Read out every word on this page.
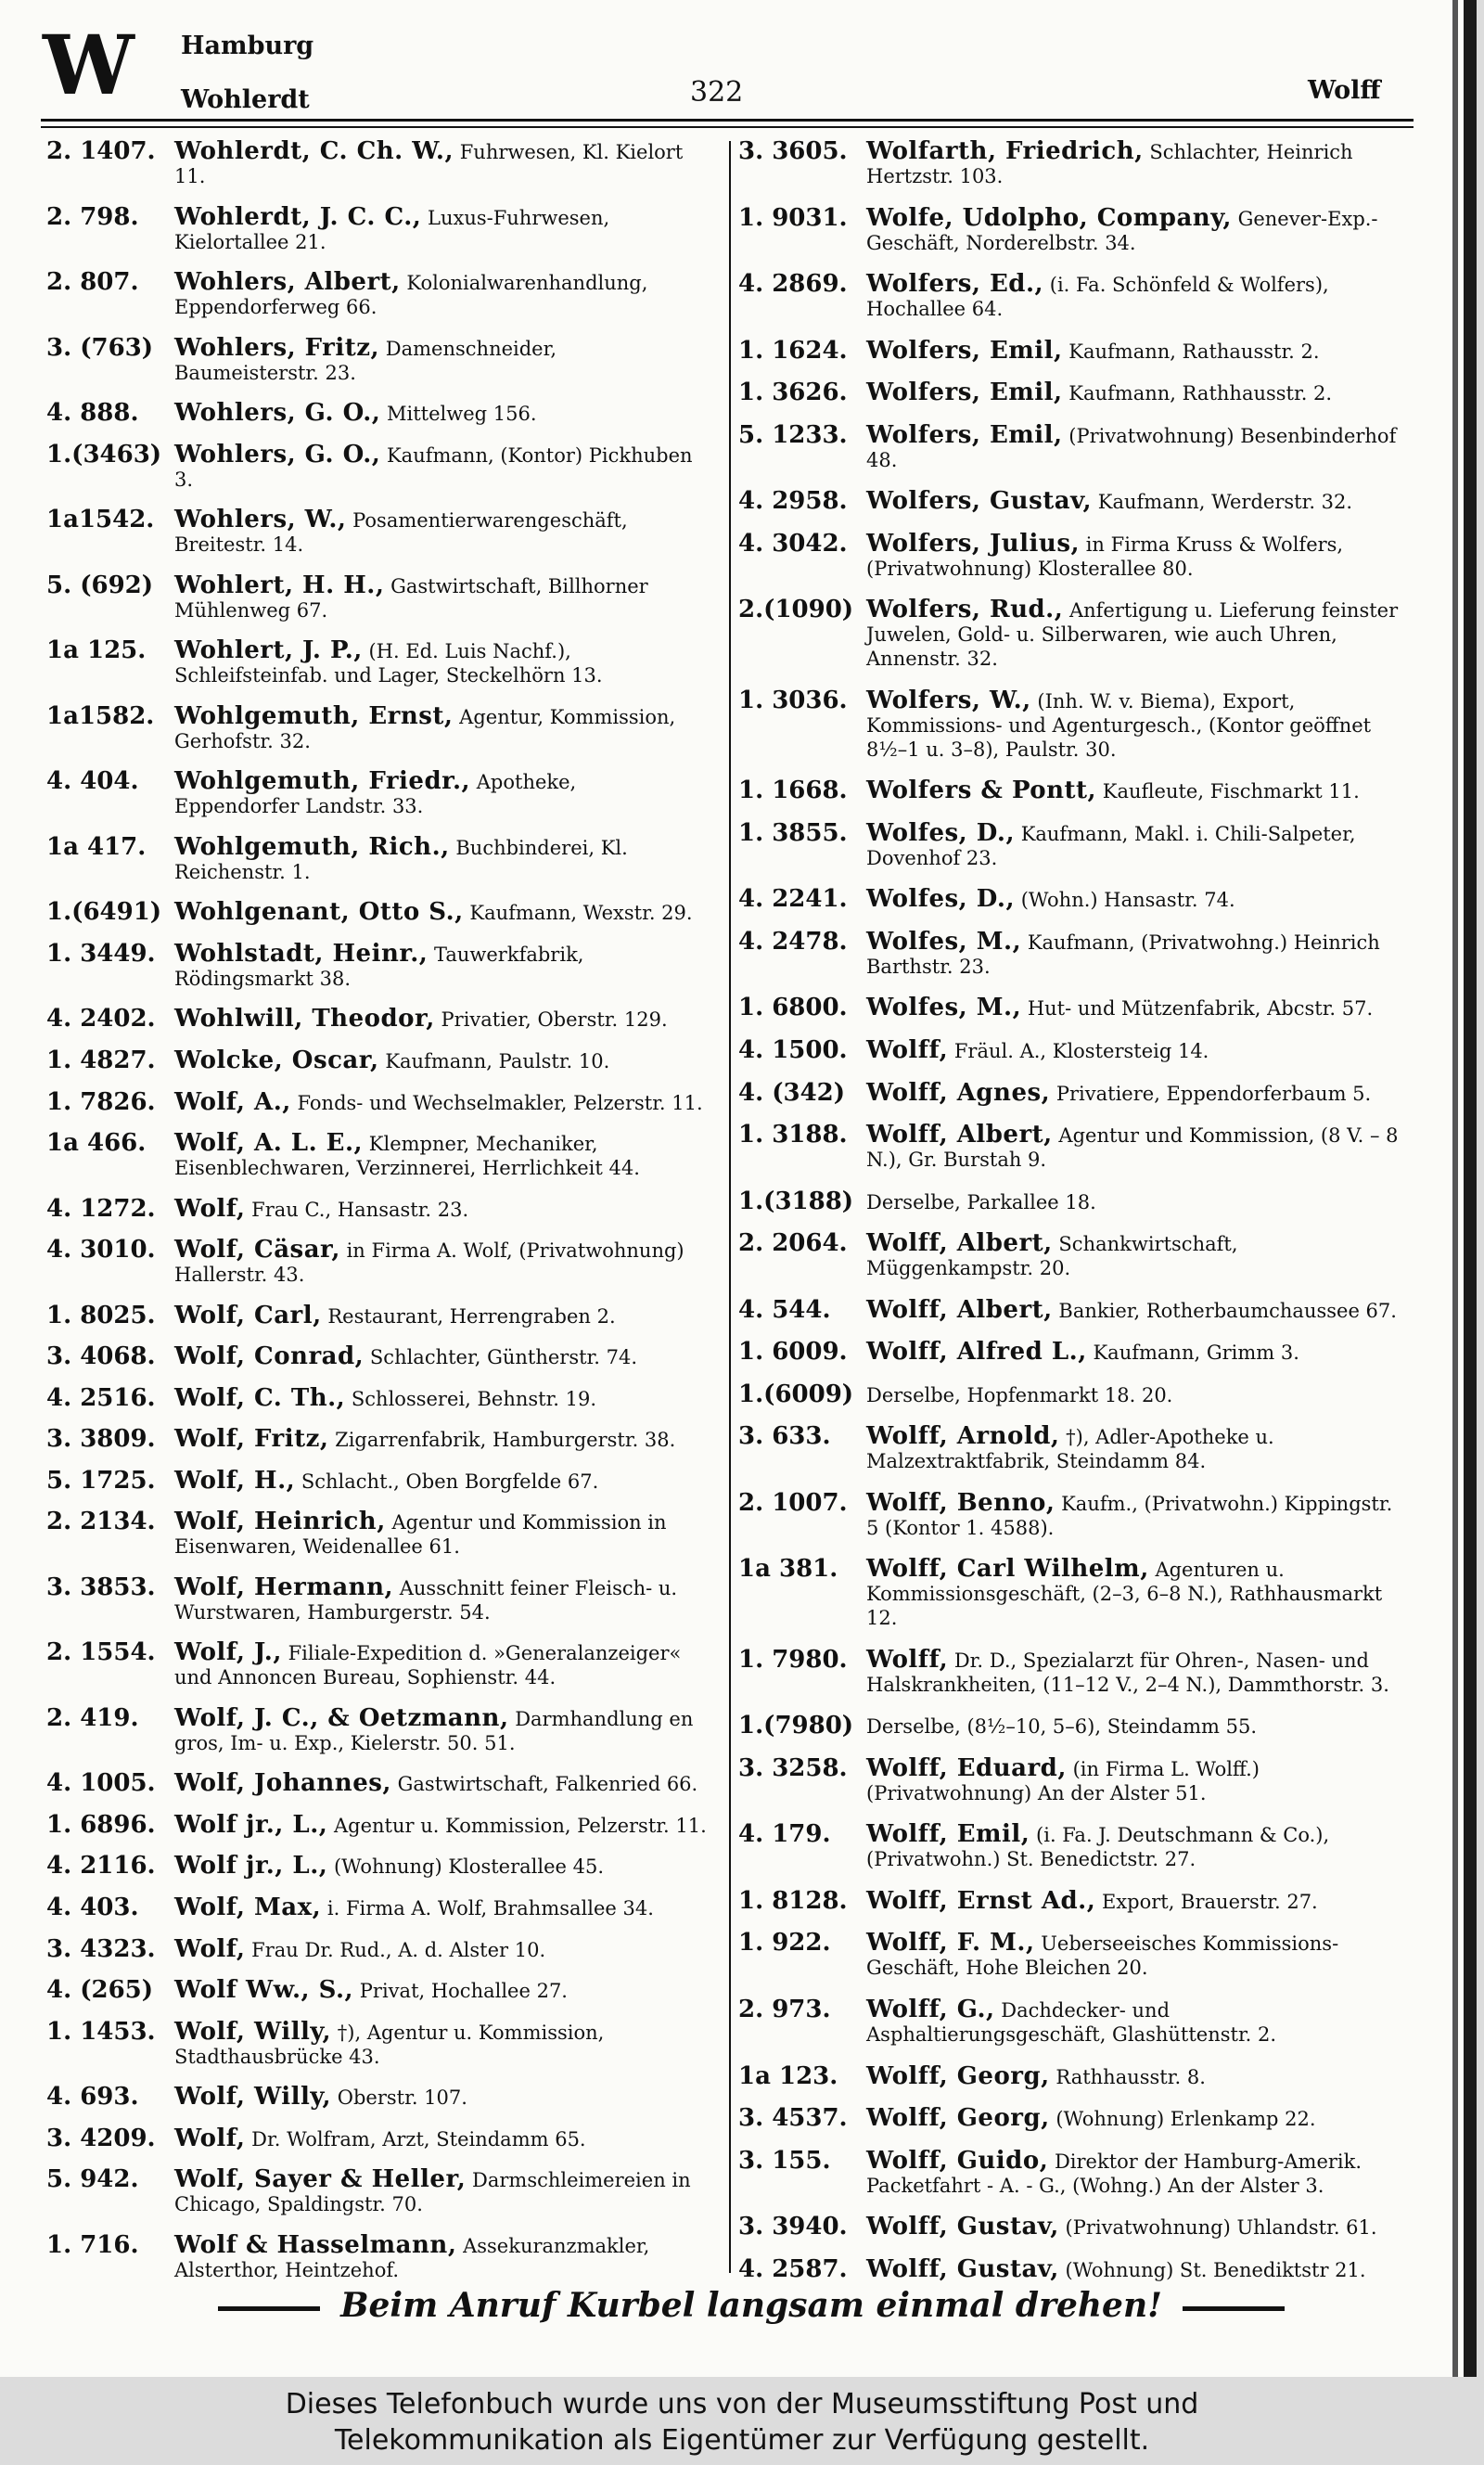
W Hamburg
Wohlerdt	322	Wolff
2. 1407. Wohlerdt, C. Ch. W., Fuhrwesen, Kl. Kielort 11.
2. 798.	Wohlerdt, J. C. C., Luxus-Fuhrwesen, Kielortallee 21.
2. 807.	Wohlers, Albert, Kolonialwarenhandlung, Eppendorferweg 66.
3. (763) Wohlers, Fritz, Damenschneider, Baumeisterstr. 23.
4. 888.	Wohlers, G. O., Mittelweg 156.
1.(3463) Wohlers, G. O., Kaufmann, (Kontor) Pickhuben 3.
1a1542. Wohlers, W., Posamentierwarengeschäft, Breitestr. 14.
5. (692) Wohlert, H. H., Gastwirtschaft, Billhorner Mühlenweg 67.
1a 125.	Wohlert, J. P., (H. Ed. Luis Nachf.), Schleifsteinfab. und Lager, Steckelhörn 13.
1a1582. Wohlgemuth, Ernst, Agentur, Kommission, Gerhofstr. 32.
4. 404.	Wohlgemuth, Friedr., Apotheke, Eppendorfer Landstr. 33.
1a 417.	Wohlgemuth, Rich., Buchbinderei, Kl. Reichenstr. 1.
1.(6491) Wohlgenant, Otto S., Kaufmann, Wexstr. 29.
1. 3449. Wohlstadt, Heinr., Tauwerkfabrik, Rödingsmarkt 38.
4. 2402. Wohlwill, Theodor, Privatier, Oberstr. 129.
1. 4827. Wolcke, Oscar, Kaufmann, Paulstr. 10.
1. 7826. Wolf, A., Fonds- und Wechselmakler, Pelzerstr. 11.
1a 466.	Wolf, A. L. E., Klempner, Mechaniker, Eisenblechwaren, Verzinnerei, Herrlichkeit 44.
4. 1272. Wolf, Frau C., Hansastr. 23.
4. 3010. Wolf, Cäsar, in Firma A. Wolf, (Privatwohnung) Hallerstr. 43.
1. 8025. Wolf, Carl, Restaurant, Herrengraben 2.
3. 4068. Wolf, Conrad, Schlachter, Güntherstr. 74.
4. 2516. Wolf, C. Th., Schlosserei, Behnstr. 19.
3. 3809. Wolf, Fritz, Zigarrenfabrik, Hamburgerstr. 38.
5. 1725. Wolf, H., Schlacht., Oben Borgfelde 67.
2. 2134. Wolf, Heinrich, Agentur und Kommission in Eisenwaren, Weidenallee 61.
3. 3853. Wolf, Hermann, Ausschnitt feiner Fleisch- u. Wurstwaren, Hamburgerstr. 54.
2. 1554. Wolf, J., Filiale-Expedition d. »Generalanzeiger« und Annoncen Bureau, Sophienstr. 44.
2. 419.	Wolf, J. C., & Oetzmann, Darmhandlung en gros, Im- u. Exp., Kielerstr. 50. 51.
4. 1005. Wolf, Johannes, Gastwirtschaft, Falkenried 66.
1. 6896. Wolf jr., L., Agentur u. Kommission, Pelzerstr. 11.
4. 2116. Wolf jr., L., (Wohnung) Klosterallee 45.
4. 403.	Wolf, Max, i. Firma A. Wolf, Brahmsallee 34.
3. 4323. Wolf, Frau Dr. Rud., A. d. Alster 10.
4. (265) Wolf Ww., S., Privat, Hochallee 27.
1. 1453. Wolf, Willy, †), Agentur u. Kommission, Stadthausbrücke 43.
4. 693.	Wolf, Willy, Oberstr. 107.
3. 4209. Wolf, Dr. Wolfram, Arzt, Steindamm 65.
5. 942.	Wolf, Sayer & Heller, Darmschleimereien in Chicago, Spaldingstr. 70.
1. 716.	Wolf & Hasselmann, Assekuranzmakler, Alsterthor, Heintzehof.
3. 3605. Wolfarth, Friedrich, Schlachter, Heinrich Hertzstr. 103.
1. 9031. Wolfe, Udolpho, Company, Genever-Exp.-Geschäft, Norderelbstr. 34.
4. 2869. Wolfers, Ed., (i. Fa. Schönfeld & Wolfers), Hochallee 64.
1. 1624. Wolfers, Emil, Kaufmann, Rathausstr. 2.
1. 3626. Wolfers, Emil, Kaufmann, Rathhausstr. 2.
5. 1233. Wolfers, Emil, (Privatwohnung) Besenbinderhof 48.
4. 2958. Wolfers, Gustav, Kaufmann, Werderstr. 32.
4. 3042. Wolfers, Julius, in Firma Kruss & Wolfers, (Privatwohnung) Klosterallee 80.
2.(1090) Wolfers, Rud., Anfertigung u. Lieferung feinster Juwelen, Gold- u. Silberwaren, wie auch Uhren, Annenstr. 32.
1. 3036. Wolfers, W., (Inh. W. v. Biema), Export, Kommissions- und Agenturgesch., (Kontor geöffnet 8½–1 u. 3–8), Paulstr. 30.
1. 1668. Wolfers & Pontt, Kaufleute, Fischmarkt 11.
1. 3855. Wolfes, D., Kaufmann, Makl. i. Chili-Salpeter, Dovenhof 23.
4. 2241. Wolfes, D., (Wohn.) Hansastr. 74.
4. 2478. Wolfes, M., Kaufmann, (Privatwohng.) Heinrich Barthstr. 23.
1. 6800. Wolfes, M., Hut- und Mützenfabrik, Abcstr. 57.
4. 1500. Wolff, Fräul. A., Klostersteig 14.
4. (342) Wolff, Agnes, Privatiere, Eppendorferbaum 5.
1. 3188. Wolff, Albert, Agentur und Kommission, (8 V. – 8 N.), Gr. Burstah 9.
1.(3188) Derselbe, Parkallee 18.
2. 2064. Wolff, Albert, Schankwirtschaft, Müggenkampstr. 20.
4. 544.	Wolff, Albert, Bankier, Rotherbaumchaussee 67.
1. 6009. Wolff, Alfred L., Kaufmann, Grimm 3.
1.(6009) Derselbe, Hopfenmarkt 18. 20.
3. 633.	Wolff, Arnold, †), Adler-Apotheke u. Malzextraktfabrik, Steindamm 84.
2. 1007. Wolff, Benno, Kaufm., (Privatwohn.) Kippingstr. 5 (Kontor 1. 4588).
1a 381.	Wolff, Carl Wilhelm, Agenturen u. Kommissionsgeschäft, (2–3, 6–8 N.), Rathhausmarkt 12.
1. 7980. Wolff, Dr. D., Spezialarzt für Ohren-, Nasen- und Halskrankheiten, (11–12 V., 2–4 N.), Dammthorstr. 3.
1.(7980) Derselbe, (8½–10, 5–6), Steindamm 55.
3. 3258. Wolff, Eduard, (in Firma L. Wolff.) (Privatwohnung) An der Alster 51.
4. 179.	Wolff, Emil, (i. Fa. J. Deutschmann & Co.), (Privatwohn.) St. Benedictstr. 27.
1. 8128. Wolff, Ernst Ad., Export, Brauerstr. 27.
1. 922.	Wolff, F. M., Ueberseeisches Kommissions-Geschäft, Hohe Bleichen 20.
2. 973.	Wolff, G., Dachdecker- und Asphaltierungsgeschäft, Glashüttenstr. 2.
1a 123.	Wolff, Georg, Rathhausstr. 8.
3. 4537. Wolff, Georg, (Wohnung) Erlenkamp 22.
3. 155.	Wolff, Guido, Direktor der Hamburg-Amerik. Packetfahrt - A. - G., (Wohng.) An der Alster 3.
3. 3940. Wolff, Gustav, (Privatwohnung) Uhlandstr. 61.
4. 2587. Wolff, Gustav, (Wohnung) St. Benediktstr 21.
Beim Anruf Kurbel langsam einmal drehen!
Dieses Telefonbuch wurde uns von der Museumsstiftung Post und
Telekommunikation als Eigentümer zur Verfügung gestellt.
